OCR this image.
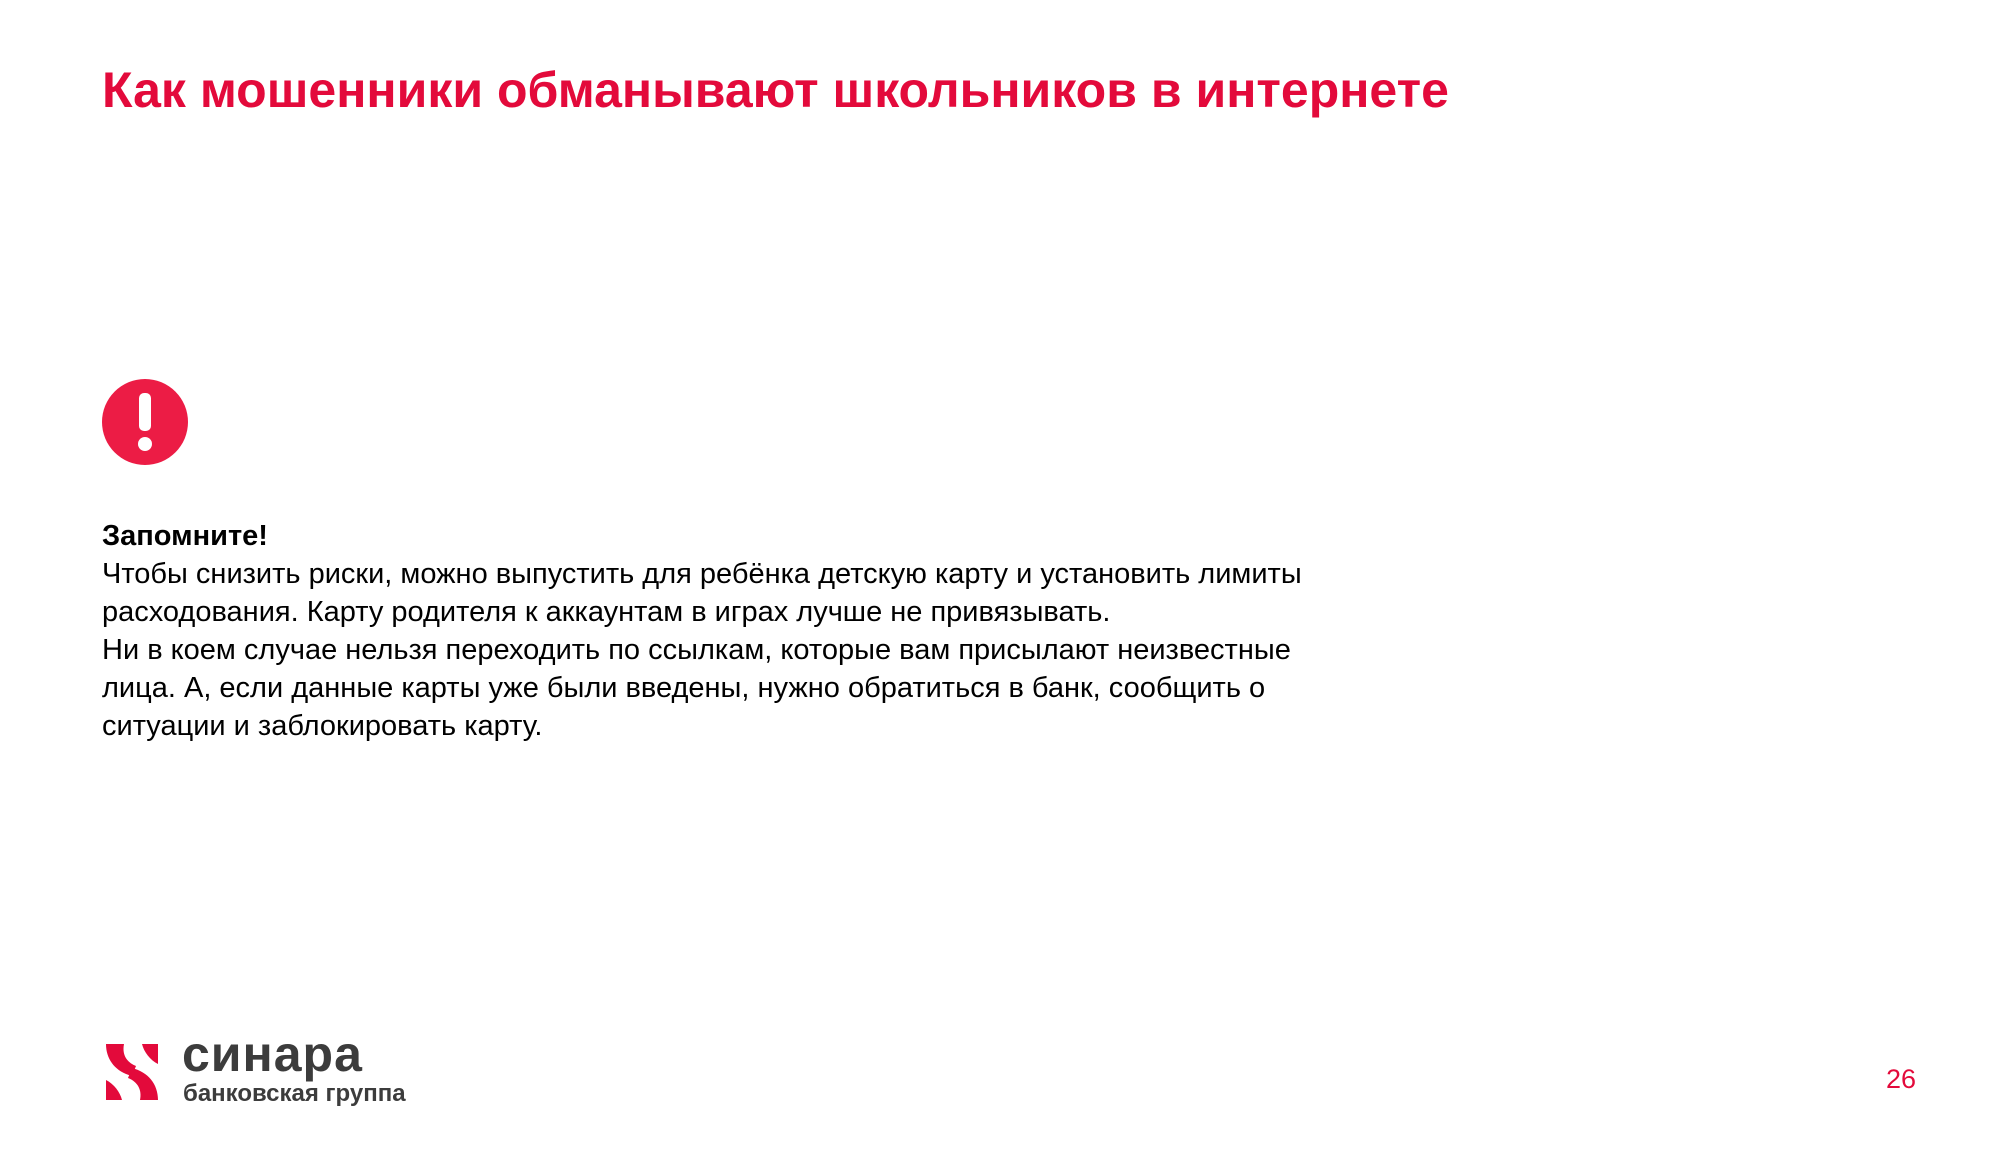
Как мошенники обманывают школьников в интернете

Запомните!

Чтобы снизить риски, можно выпустить для ребёнка детскую карту и установить лимиты расходования. Карту родителя к аккаунтам в играх лучше не привязывать.

Ни в коем случае нельзя переходить по ссылкам, которые вам присылают неизвестные лица. А, если данные карты уже были введены, нужно обратиться в банк, сообщить о ситуации и заблокировать карту.

синара
банковская группа	26
